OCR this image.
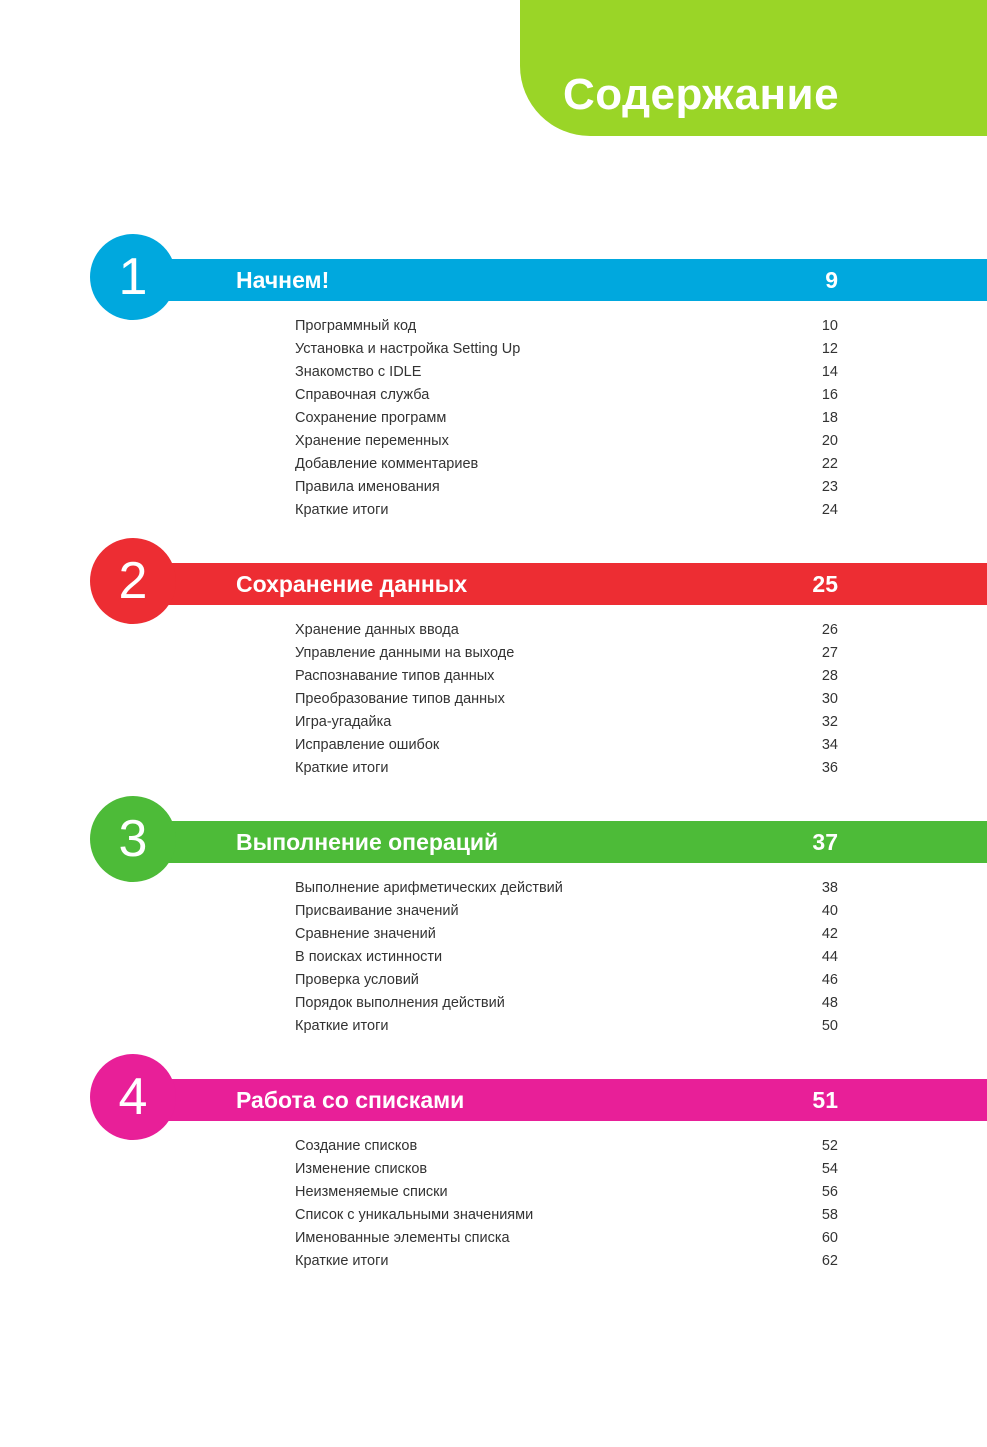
Содержание
1	Начнем!	9
Программный код	10
Установка и настройка Setting Up	12
Знакомство с IDLE	14
Справочная служба	16
Сохранение программ	18
Хранение переменных	20
Добавление комментариев	22
Правила именования	23
Краткие итоги	24
2	Сохранение данных	25
Хранение данных ввода	26
Управление данными на выходе	27
Распознавание типов данных	28
Преобразование типов данных	30
Игра-угадайка	32
Исправление ошибок	34
Краткие итоги	36
3	Выполнение операций	37
Выполнение арифметических действий	38
Присваивание значений	40
Сравнение значений	42
В поисках истинности	44
Проверка условий	46
Порядок выполнения действий	48
Краткие итоги	50
4	Работа со списками	51
Создание списков	52
Изменение списков	54
Неизменяемые списки	56
Список с уникальными значениями	58
Именованные элементы списка	60
Краткие итоги	62
